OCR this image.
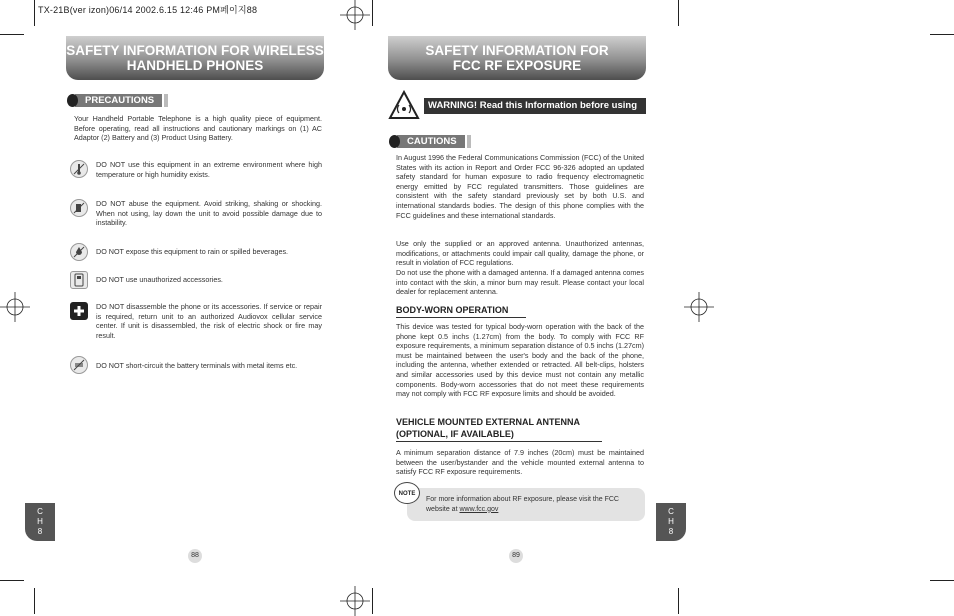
TX-21B(ver izon)06/14 2002.6.15 12:46 PM페이지88
SAFETY INFORMATION FOR WIRELESS
HANDHELD PHONES
PRECAUTIONS
Your Handheld Portable Telephone is a high quality piece of equipment. Before operating, read all instructions and cautionary markings on (1) AC Adaptor (2) Battery and (3) Product Using Battery.
DO NOT use this equipment in an extreme environment where high temperature or high humidity exists.
DO NOT abuse the equipment. Avoid striking, shaking or shocking. When not using, lay down the unit to avoid possible damage due to instability.
DO NOT expose this equipment to rain or spilled beverages.
DO NOT use unauthorized accessories.
DO NOT disassemble the phone or its accessories. If service or repair is required, return unit to an authorized Audiovox cellular service center. If unit is disassembled, the risk of electric shock or fire may result.
DO NOT short-circuit the battery terminals with metal items etc.
C
H
8
88
SAFETY INFORMATION FOR
FCC RF EXPOSURE
WARNING! Read this Information before using
CAUTIONS
In August 1996 the Federal Communications Commission (FCC) of the United States with its action in Report and Order FCC 96-326 adopted an updated safety standard for human exposure to radio frequency electromagnetic energy emitted by FCC regulated transmitters. Those guidelines are consistent with the safety standard previously set by both U.S. and international standards bodies. The design of this phone complies with the FCC guidelines and these international standards.
Use only the supplied or an approved antenna. Unauthorized antennas, modifications, or attachments could impair call quality, damage the phone, or result in violation of FCC regulations.
Do not use the phone with a damaged antenna. If a damaged antenna comes into contact with the skin, a minor burn may result. Please contact your local dealer for replacement antenna.
BODY-WORN OPERATION
This device was tested for typical body-worn operation with the back of the phone kept 0.5 inchs (1.27cm) from the body. To comply with FCC RF exposure requirements, a minimum separation distance of 0.5 inchs (1.27cm) must be maintained between the user's body and the back of the phone, including the antenna, whether extended or retracted. All belt-clips, holsters and similar accessories used by this device must not contain any metallic components. Body-worn accessories that do not meet these requirements may not comply with FCC RF exposure limits and should be avoided.
VEHICLE MOUNTED EXTERNAL ANTENNA
(OPTIONAL, IF AVAILABLE)
A minimum separation distance of 7.9 inches (20cm) must be maintained between the user/bystander and the vehicle mounted external antenna to satisfy FCC RF exposure requirements.
NOTE
For more information about RF exposure, please visit the FCC website at www.fcc.gov	C
H
8
89
